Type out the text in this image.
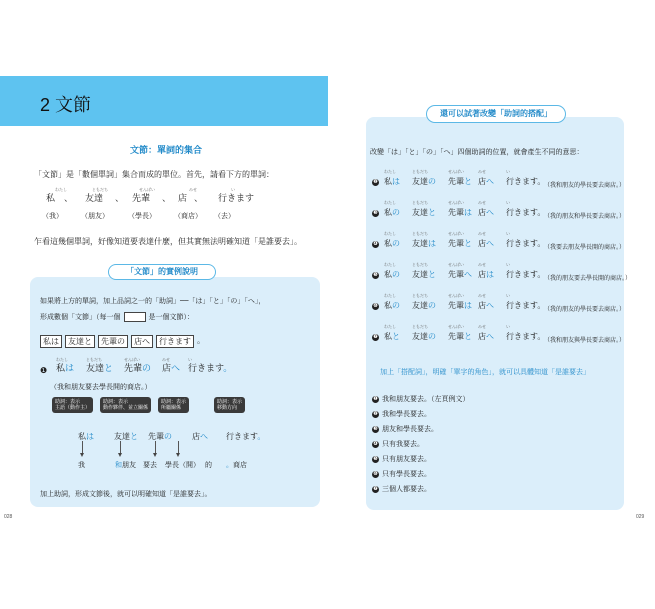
2 文節
文節：單詞的集合
「文節」是「數個單詞」集合而成的單位。首先，請看下方的單詞：
わたし
私
（我）
、
ともだち
友達
（朋友）
、
せんぱい
先輩
（學長）
、
みせ
店
（商店）
、
い
行きます
（去）
乍看這幾個單詞，好像知道要表達什麼，但其實無法明確知道「是誰要去」。
「文節」的實例說明
如果將上方的單詞，加上品詞之一的「助詞」──「は」「と」「の」「へ」，
形成數個「文節」（每一個	是一個文節）：
私は	友達と	先輩の	店へ	行きます 。
❶
わたし
私は
ともだち
友達と
せんぱい
先輩の
みせ
店へ
い
行きます。
（我和朋友要去學長開的商店。）
助詞：表示
主語（動作主）
助詞：表示
動作夥伴、並立關係
助詞：表示
所屬關係
助詞：表示
移動方向
私は	友達と 先輩の	店へ 行きます。
我	和朋友 要去 學長（開） 的 。商店
加上助詞，形成文節後，就可以明確知道「是誰要去」。
還可以試著改變「助詞的搭配」
改變「は」「と」「の」「へ」四個助詞的位置，就會產生不同的意思：
❷
わたし
私は
ともだち
友達の
せんぱい
先輩と
みせ
店へ
い
行きます。
（我和朋友的學長要去商店。）
❸
わたし
私の
ともだち
友達と
せんぱい
先輩は
みせ
店へ
い
行きます。
（我的朋友和學長要去商店。）
❹
わたし
私の
ともだち
友達は
せんぱい
先輩と
みせ
店へ
い
行きます。
（我要去朋友學長開的商店。）
❺
わたし
私の
ともだち
友達と
せんぱい
先輩へ
みせ
店は
い
行きます。
（我的朋友要去學長開的商店。）
❻
わたし
私の
ともだち
友達の
せんぱい
先輩は
みせ
店へ
い
行きます。
（我的朋友的學長要去商店。）
❼
わたし
私と
ともだち
友達の
せんぱい
先輩と
みせ
店へ
い
行きます。
（我和朋友與學長要去商店。）
加上「搭配詞」，明確「單字的角色」，就可以具體知道「是誰要去」
❶ 我和朋友要去。（左頁例文）
❷ 我和學長要去。
❸ 朋友和學長要去。
❹ 只有我要去。
❺ 只有朋友要去。
❻ 只有學長要去。
❼ 三個人都要去。
028	029
